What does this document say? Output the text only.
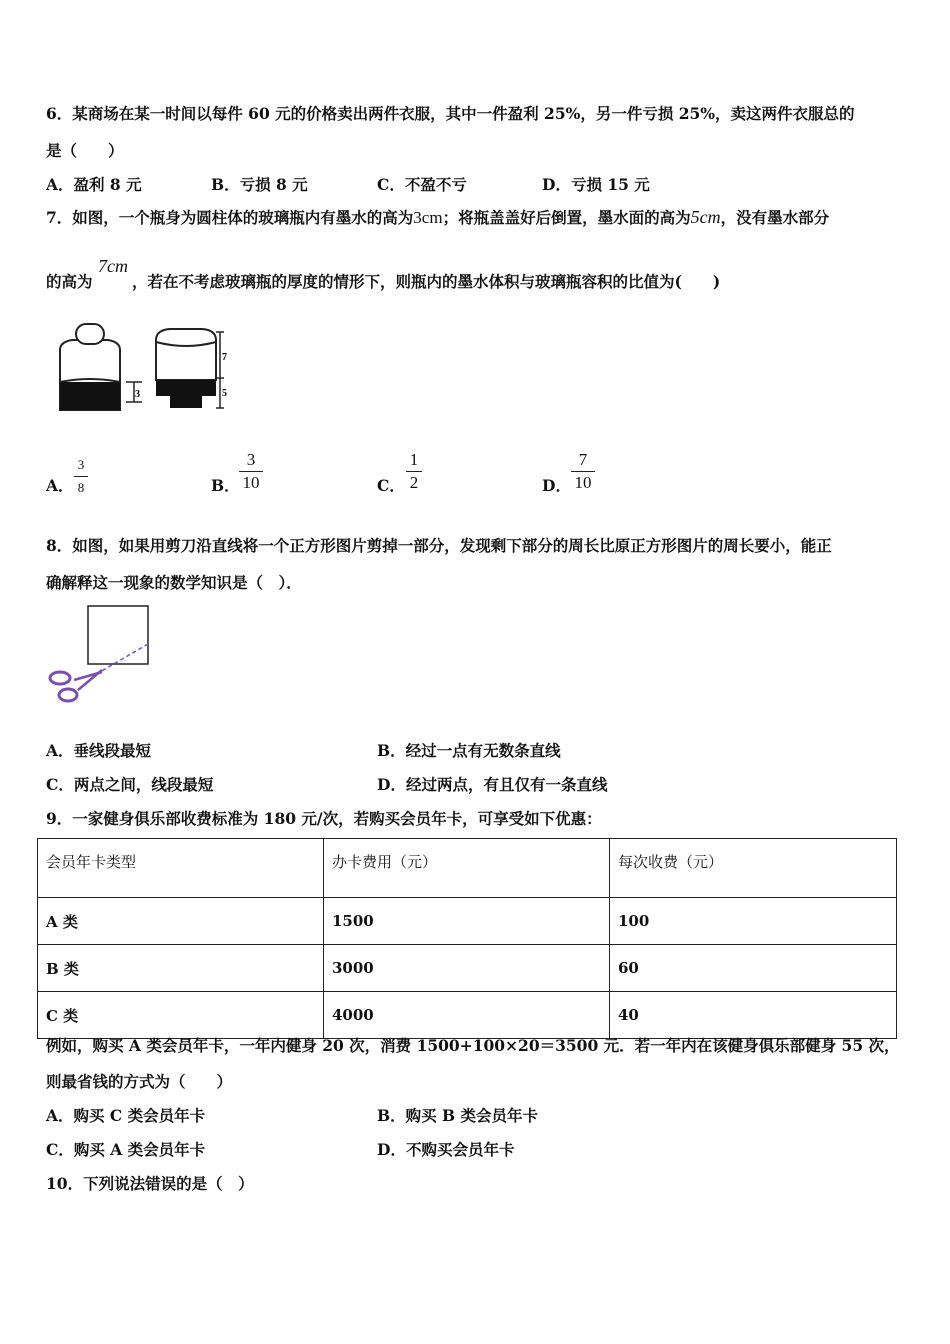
6．某商场在某一时间以每件 60 元的价格卖出两件衣服，其中一件盈利 25%，另一件亏损 25%，卖这两件衣服总的
是（　　）
A．盈利 8 元	B．亏损 8 元	C．不盈不亏	D．亏损 15 元
7．如图，一个瓶身为圆柱体的玻璃瓶内有墨水的高为3cm；将瓶盖盖好后倒置，墨水面的高为5cm，没有墨水部分
的高为
7cm
，若在不考虑玻璃瓶的厚度的情形下，则瓶内的墨水体积与玻璃瓶容积的比值为(　　)
3
7
5
A．
3
8	B．
3
10	C．
1
2	D．
7
10
8．如图，如果用剪刀沿直线将一个正方形图片剪掉一部分，发现剩下部分的周长比原正方形图片的周长要小，能正
确解释这一现象的数学知识是（　）．
A．垂线段最短	B．经过一点有无数条直线
C．两点之间，线段最短	D．经过两点，有且仅有一条直线
9．一家健身俱乐部收费标准为 180 元/次，若购买会员年卡，可享受如下优惠：
会员年卡类型	办卡费用（元）	每次收费（元）
A 类	1500	100
B 类	3000	60
C 类	4000	40
例如，购买 A 类会员年卡，一年内健身 20 次，消费 1500+100×20＝3500 元．若一年内在该健身俱乐部健身 55 次，
则最省钱的方式为（　　）
A．购买 C 类会员年卡	B．购买 B 类会员年卡
C．购买 A 类会员年卡	D．不购买会员年卡
10．下列说法错误的是（　）
